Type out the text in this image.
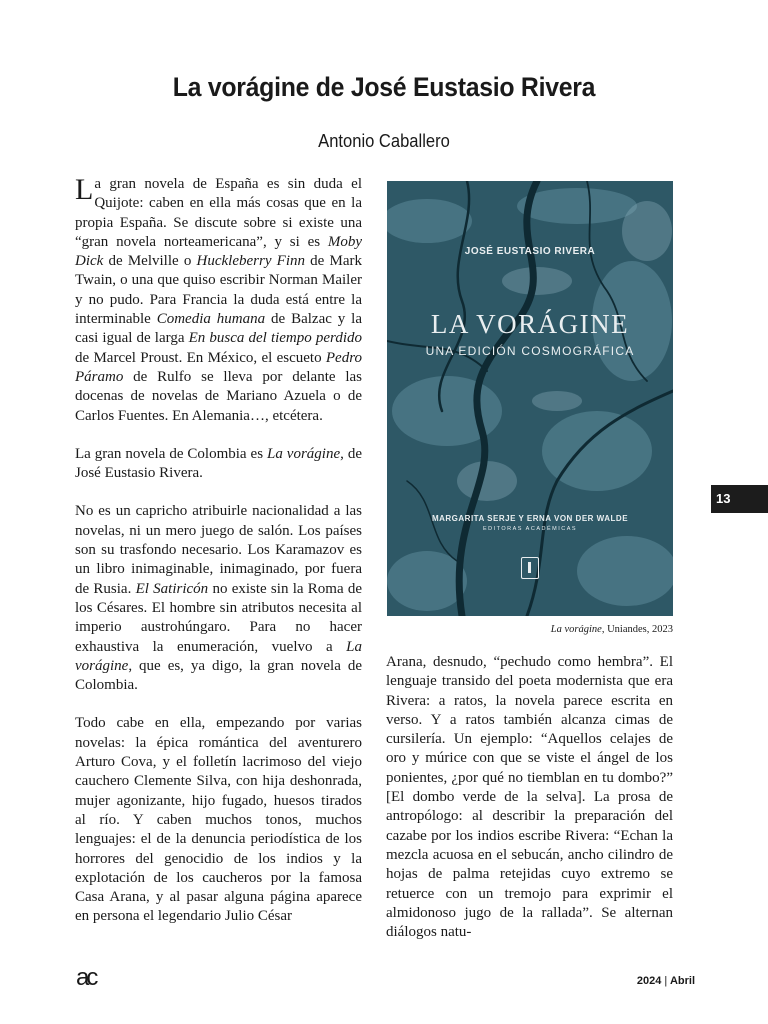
La vorágine de José Eustasio Rivera
Antonio Caballero

La gran novela de España es sin duda el Quijote: caben en ella más cosas que en la propia España. Se discute sobre si existe una “gran novela norteamericana”, y si es Moby Dick de Melville o Huckleberry Finn de Mark Twain, o una que quiso escribir Norman Mailer y no pudo. Para Francia la duda está entre la interminable Comedia humana de Balzac y la casi igual de larga En busca del tiempo perdido de Marcel Proust. En México, el escueto Pedro Páramo de Rulfo se lleva por delante las docenas de novelas de Mariano Azuela o de Carlos Fuentes. En Alemania…, etcétera.

La gran novela de Colombia es La vorágine, de José Eustasio Rivera.

No es un capricho atribuirle nacionalidad a las novelas, ni un mero juego de salón. Los países son su trasfondo necesario. Los Karamazov es un libro inimaginable, inimaginado, por fuera de Rusia. El Satiricón no existe sin la Roma de los Césares. El hombre sin atributos necesita al imperio austrohúngaro. Para no hacer exhaustiva la enumeración, vuelvo a La vorágine, que es, ya digo, la gran novela de Colombia.

Todo cabe en ella, empezando por varias novelas: la épica romántica del aventurero Arturo Cova, y el folletín lacrimoso del viejo cauchero Clemente Silva, con hija deshonrada, mujer agonizante, hijo fugado, huesos tirados al río. Y caben muchos tonos, muchos lenguajes: el de la denuncia periodística de los horrores del genocidio de los indios y la explotación de los caucheros por la famosa Casa Arana, y al pasar alguna página aparece en persona el legendario Julio César

JOSÉ EUSTASIO RIVERA
LA VORÁGINE
UNA EDICIÓN COSMOGRÁFICA
MARGARITA SERJE Y ERNA VON DER WALDE
EDITORAS ACADÉMICAS
La vorágine, Uniandes, 2023

Arana, desnudo, “pechudo como hembra”. El lenguaje transido del poeta modernista que era Rivera: a ratos, la novela parece escrita en verso. Y a ratos también alcanza cimas de cursilería. Un ejemplo: “Aquellos celajes de oro y múrice con que se viste el ángel de los ponientes, ¿por qué no tiemblan en tu dombo?” [El dombo verde de la selva]. La prosa de antropólogo: al describir la preparación del cazabe por los indios escribe Rivera: “Echan la mezcla acuosa en el sebucán, ancho cilindro de hojas de palma retejidas cuyo extremo se retuerce con un tremojo para exprimir el almidonoso jugo de la rallada”. Se alternan diálogos natu-

13
ac	2024 | Abril
